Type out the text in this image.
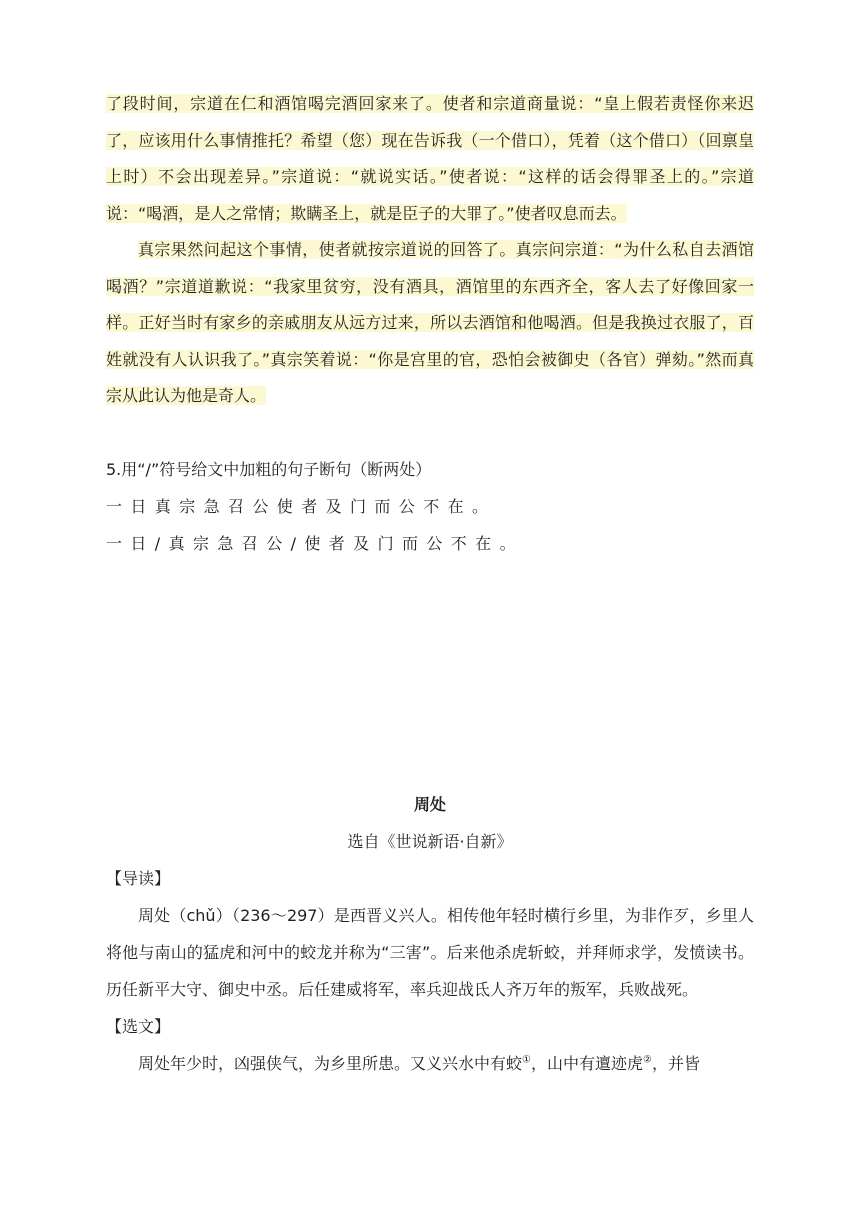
了段时间，宗道在仁和酒馆喝完酒回家来了。使者和宗道商量说：“皇上假若责怪你来迟了，应该用什么事情推托？希望（您）现在告诉我（一个借口），凭着（这个借口）（回禀皇上时）不会出现差异。”宗道说：“就说实话。”使者说：“这样的话会得罪圣上的。”宗道说：“喝酒，是人之常情；欺瞒圣上，就是臣子的大罪了。”使者叹息而去。

真宗果然问起这个事情，使者就按宗道说的回答了。真宗问宗道：“为什么私自去酒馆喝酒？”宗道道歉说：“我家里贫穷，没有酒具，酒馆里的东西齐全，客人去了好像回家一样。正好当时有家乡的亲戚朋友从远方过来，所以去酒馆和他喝酒。但是我换过衣服了，百姓就没有人认识我了。”真宗笑着说：“你是宫里的官，恐怕会被御史（各官）弹劾。”然而真宗从此认为他是奇人。

5.用“/”符号给文中加粗的句子断句（断两处）

一日真宗急召公使者及门而公不在。

一日/真宗急召公/使者及门而公不在。

周处

选自《世说新语·自新》

【导读】

周处（chǔ）（236～297）是西晋义兴人。相传他年轻时横行乡里，为非作歹，乡里人将他与南山的猛虎和河中的蛟龙并称为“三害”。后来他杀虎斩蛟，并拜师求学，发愤读书。历任新平大守、御史中丞。后任建威将军，率兵迎战氐人齐万年的叛军，兵败战死。

【选文】

周处年少时，凶强侠气，为乡里所患。又义兴水中有蛟①，山中有邅迹虎②，并皆
